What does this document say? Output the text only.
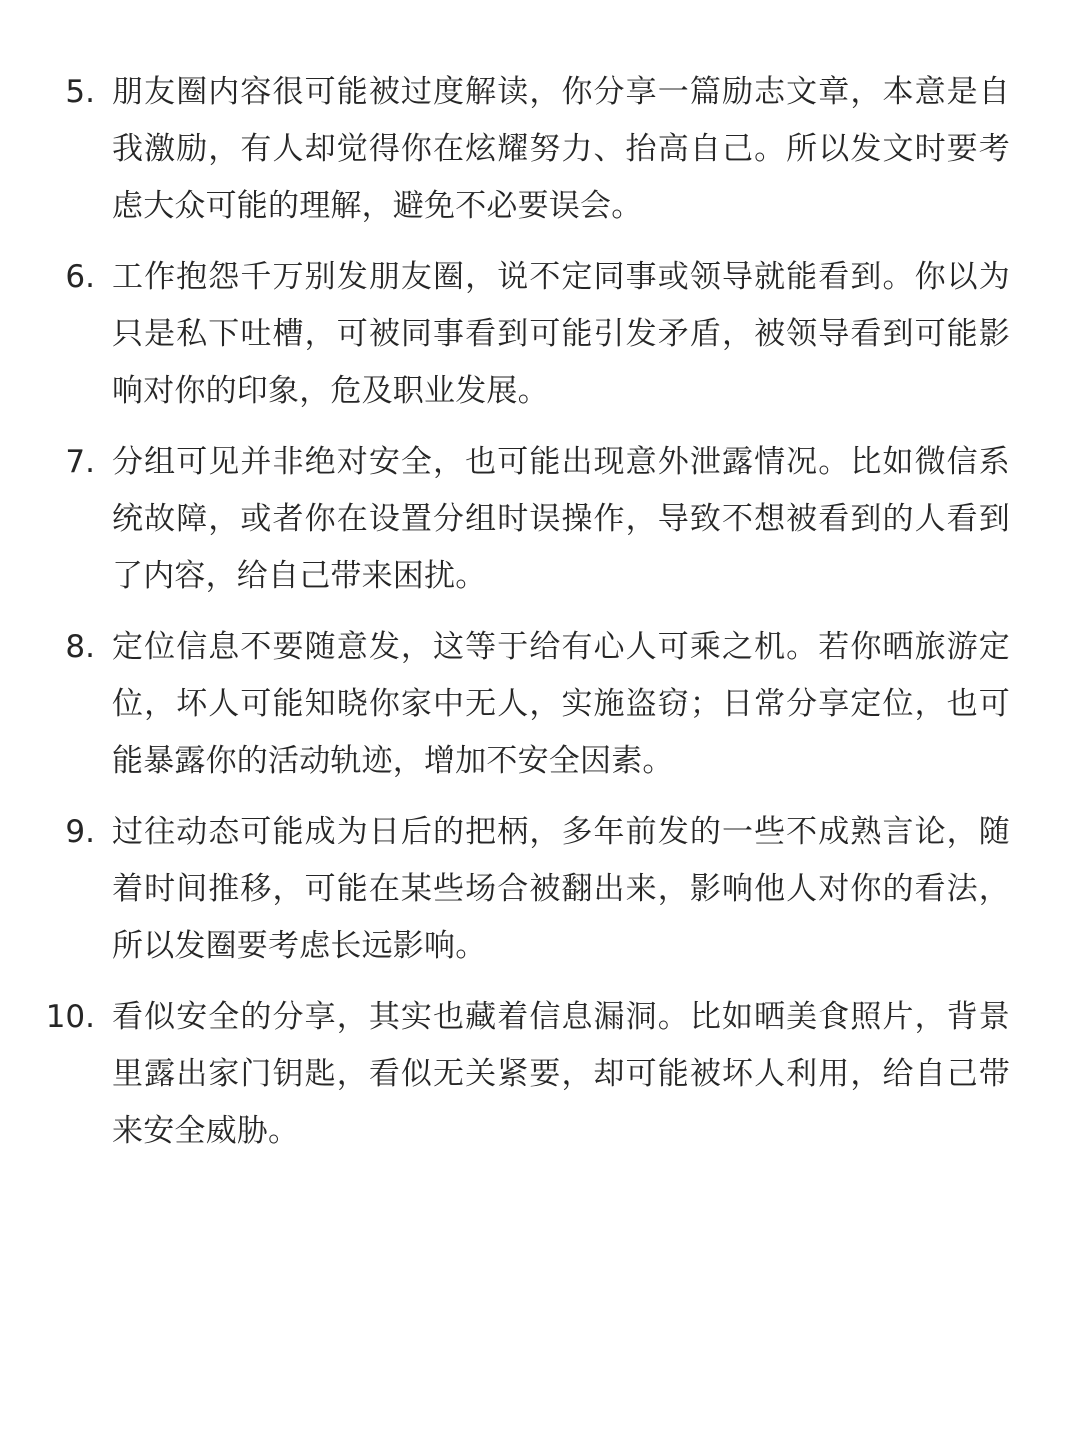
5. 朋友圈内容很可能被过度解读，你分享一篇励志文章，本意是自我激励，有人却觉得你在炫耀努力、抬高自己。所以发文时要考虑大众可能的理解，避免不必要误会。
6. 工作抱怨千万别发朋友圈，说不定同事或领导就能看到。你以为只是私下吐槽，可被同事看到可能引发矛盾，被领导看到可能影响对你的印象，危及职业发展。
7. 分组可见并非绝对安全，也可能出现意外泄露情况。比如微信系统故障，或者你在设置分组时误操作，导致不想被看到的人看到了内容，给自己带来困扰。
8. 定位信息不要随意发，这等于给有心人可乘之机。若你晒旅游定位，坏人可能知晓你家中无人，实施盗窃；日常分享定位，也可能暴露你的活动轨迹，增加不安全因素。
9. 过往动态可能成为日后的把柄，多年前发的一些不成熟言论，随着时间推移，可能在某些场合被翻出来，影响他人对你的看法，所以发圈要考虑长远影响。
10. 看似安全的分享，其实也藏着信息漏洞。比如晒美食照片，背景里露出家门钥匙，看似无关紧要，却可能被坏人利用，给自己带来安全威胁。
